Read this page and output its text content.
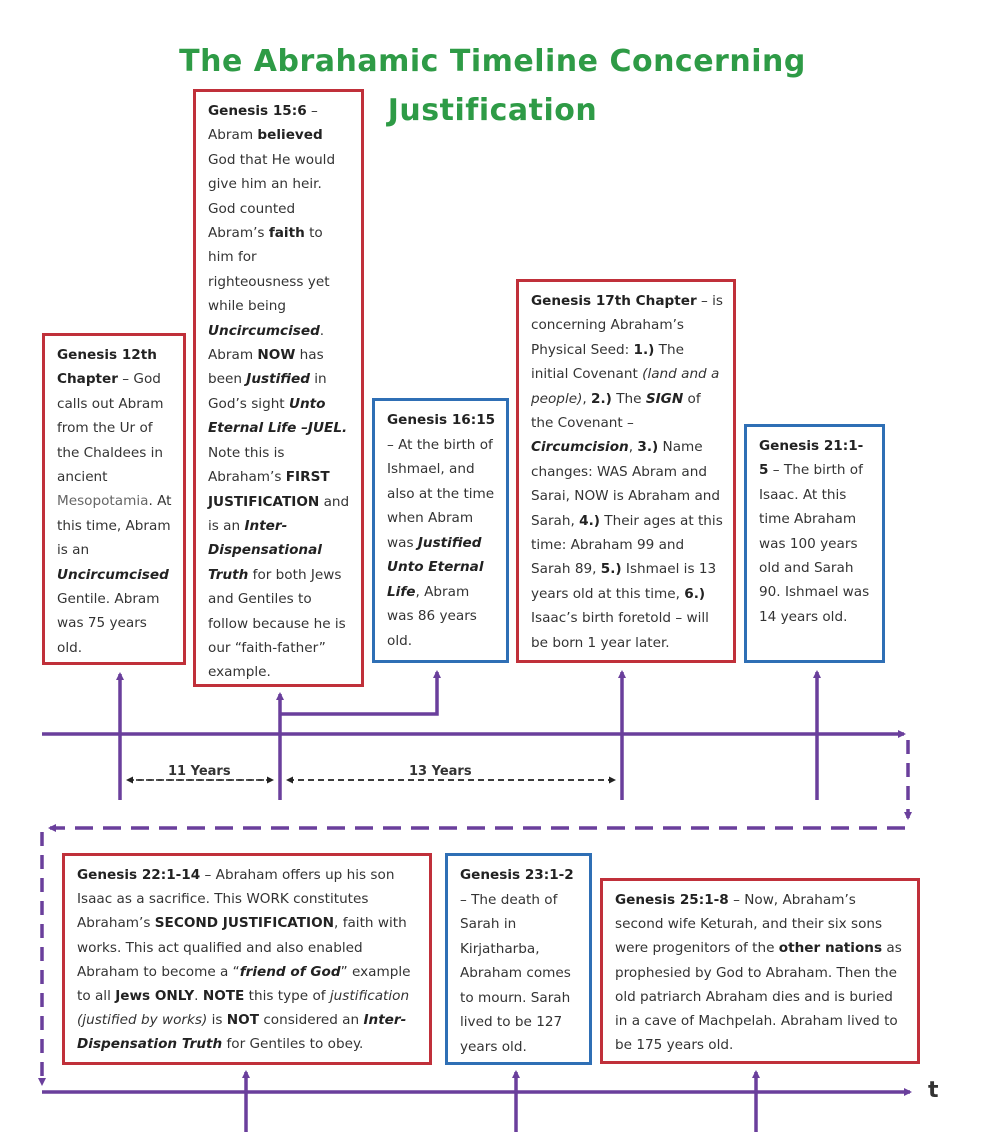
The Abrahamic Timeline Concerning
Justification
11 Years	13 Years
t
Genesis 12th Chapter – God calls out Abram from the Ur of the Chaldees in ancient Mesopotamia. At this time, Abram is an Uncircumcised Gentile. Abram was 75 years old.
Genesis 15:6 – Abram believed God that He would give him an heir. God counted Abram’s faith to him for righteousness yet while being Uncircumcised. Abram NOW has been Justified in God’s sight Unto Eternal Life –JUEL. Note this is Abraham’s FIRST JUSTIFICATION and is an Inter-Dispensational Truth for both Jews and Gentiles to follow because he is our “faith-father” example.
Genesis 16:15 – At the birth of Ishmael, and also at the time when Abram was Justified Unto Eternal Life, Abram was 86 years old.
Genesis 17th Chapter – is concerning Abraham’s Physical Seed: 1.) The initial Covenant (land and a people), 2.) The SIGN of the Covenant – Circumcision, 3.) Name changes: WAS Abram and Sarai, NOW is Abraham and Sarah, 4.) Their ages at this time: Abraham 99 and Sarah 89, 5.) Ishmael is 13 years old at this time, 6.) Isaac’s birth foretold – will be born 1 year later.
Genesis 21:1-5 – The birth of Isaac. At this time Abraham was 100 years old and Sarah 90. Ishmael was 14 years old.
Genesis 22:1-14 – Abraham offers up his son Isaac as a sacrifice. This WORK constitutes Abraham’s SECOND JUSTIFICATION, faith with works. This act qualified and also enabled Abraham to become a “friend of God” example to all Jews ONLY. NOTE this type of justification (justified by works) is NOT considered an Inter-Dispensation Truth for Gentiles to obey.
Genesis 23:1-2 – The death of Sarah in Kirjatharba, Abraham comes to mourn. Sarah lived to be 127 years old.
Genesis 25:1-8 – Now, Abraham’s second wife Keturah, and their six sons were progenitors of the other nations as prophesied by God to Abraham. Then the old patriarch Abraham dies and is buried in a cave of Machpelah. Abraham lived to be 175 years old.
